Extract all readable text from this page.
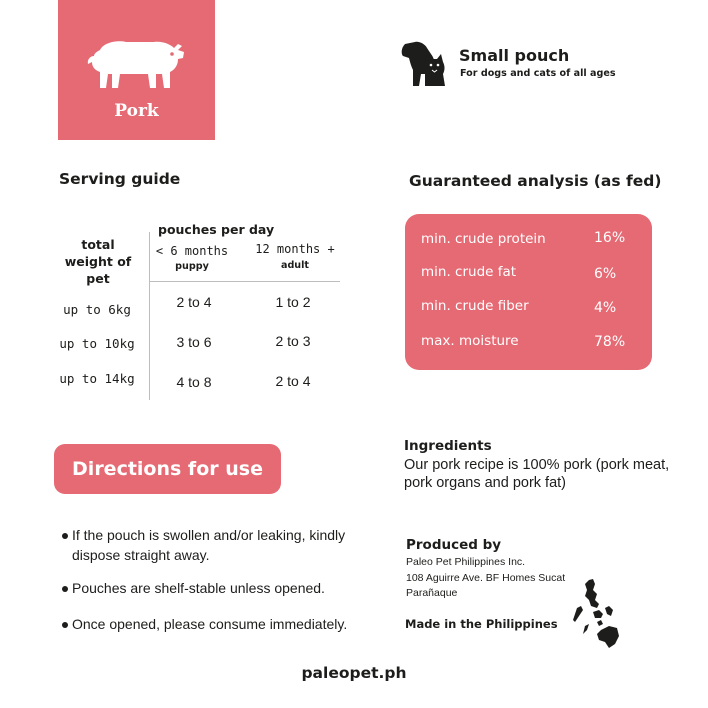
Pork
Small pouch
For dogs and cats of all ages
Serving guide
pouches per day
total
weight of
pet
< 6 months
puppy
12 months +
adult
up to 6kg	2 to 4	1 to 2
up to 10kg	3 to 6	2 to 3
up to 14kg	4 to 8	2 to 4
Guaranteed analysis (as fed)
min. crude protein	16%
min. crude fat	6%
min. crude fiber	4%
max. moisture	78%
Directions for use
If the pouch is swollen and/or leaking, kindly dispose straight away.
Pouches are shelf-stable unless opened.
Once opened, please consume immediately.
Ingredients
Our pork recipe is 100% pork (pork meat, pork organs and pork fat)
Produced by
Paleo Pet Philippines Inc.
108 Aguirre Ave. BF Homes Sucat
Parañaque
Made in the Philippines
paleopet.ph
